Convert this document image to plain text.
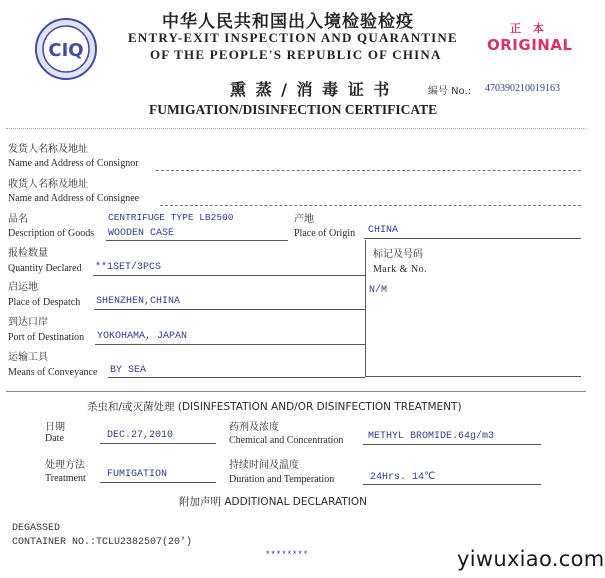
CIQ
中华人民共和国出入境检验检疫
ENTRY-EXIT INSPECTION AND QUARANTINE
OF THE PEOPLE'S REPUBLIC OF CHINA
正 本
ORIGINAL
熏 蒸 / 消 毒 证 书
FUMIGATION/DISINFECTION CERTIFICATE
编号 No.: 470390210019163
发货人名称及地址
Name and Address of Consignor
收货人名称及地址
Name and Address of Consignee
品名	CENTRIFUGE TYPE LB2500
Description of Goods WOODEN CASE
产地
Place of Origin CHINA
标记及号码
Mark & No.
N/M
报检数量
Quantity Declared **1SET/3PCS
启运地
Place of Despatch SHENZHEN,CHINA
到达口岸
Port of Destination YOKOHAMA, JAPAN
运输工具
Means of Conveyance BY SEA
杀虫和/或灭菌处理 (DISINFESTATION AND/OR DISINFECTION TREATMENT)
日期
Date	DEC.27,2010
药剂及浓度
Chemical and Concentration METHYL BROMIDE.64g/m3
处理方法
Treatment FUMIGATION
持续时间及温度
Duration and Temperation	24Hrs. 14℃
附加声明 ADDITIONAL DECLARATION
DEGASSED
CONTAINER NO.:TCLU2382507(20')
********	yiwuxiao.com
